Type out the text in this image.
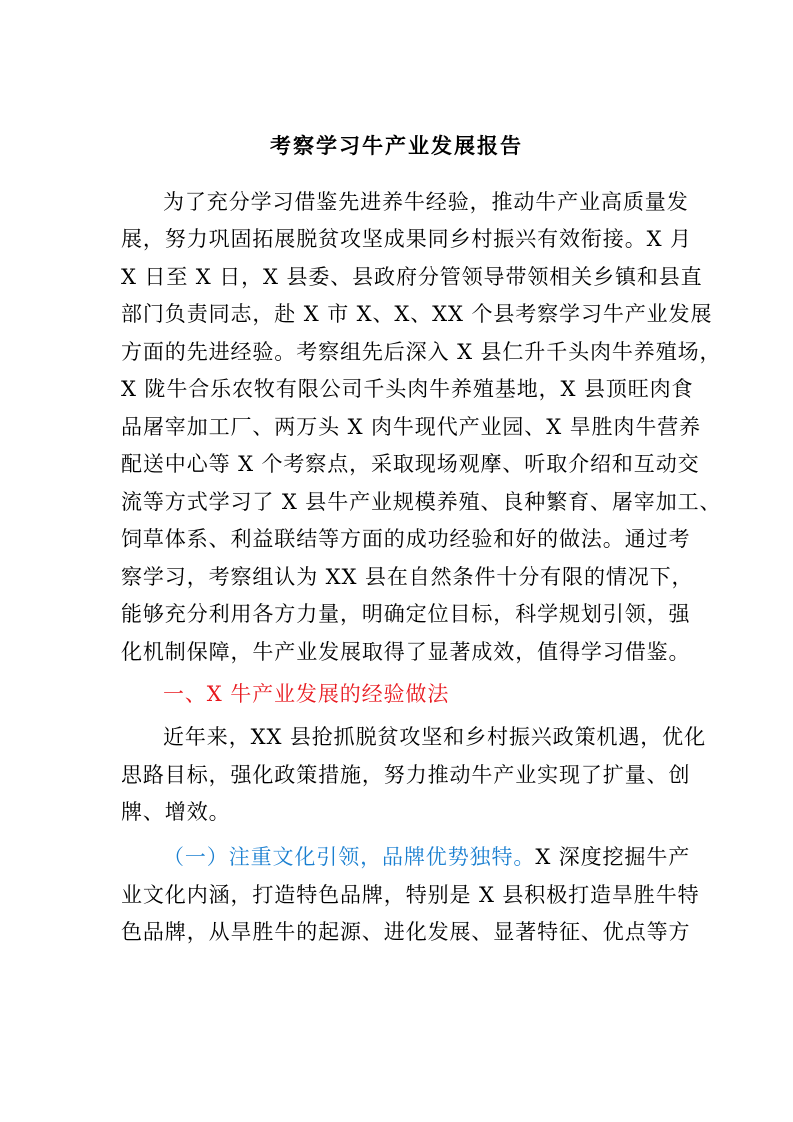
考察学习牛产业发展报告
为了充分学习借鉴先进养牛经验，推动牛产业高质量发
展，努力巩固拓展脱贫攻坚成果同乡村振兴有效衔接。X 月
X 日至 X 日，X 县委、县政府分管领导带领相关乡镇和县直
部门负责同志，赴 X 市 X、X、XX 个县考察学习牛产业发展
方面的先进经验。考察组先后深入 X 县仁升千头肉牛养殖场，
X 陇牛合乐农牧有限公司千头肉牛养殖基地，X 县顶旺肉食
品屠宰加工厂、两万头 X 肉牛现代产业园、X 旱胜肉牛营养
配送中心等 X 个考察点，采取现场观摩、听取介绍和互动交
流等方式学习了 X 县牛产业规模养殖、良种繁育、屠宰加工、
饲草体系、利益联结等方面的成功经验和好的做法。通过考
察学习，考察组认为 XX 县在自然条件十分有限的情况下，
能够充分利用各方力量，明确定位目标，科学规划引领，强
化机制保障，牛产业发展取得了显著成效，值得学习借鉴。
一、X 牛产业发展的经验做法
近年来，XX 县抢抓脱贫攻坚和乡村振兴政策机遇，优化
思路目标，强化政策措施，努力推动牛产业实现了扩量、创
牌、增效。
（一）注重文化引领，品牌优势独特。X 深度挖掘牛产
业文化内涵，打造特色品牌，特别是 X 县积极打造旱胜牛特
色品牌，从旱胜牛的起源、进化发展、显著特征、优点等方
